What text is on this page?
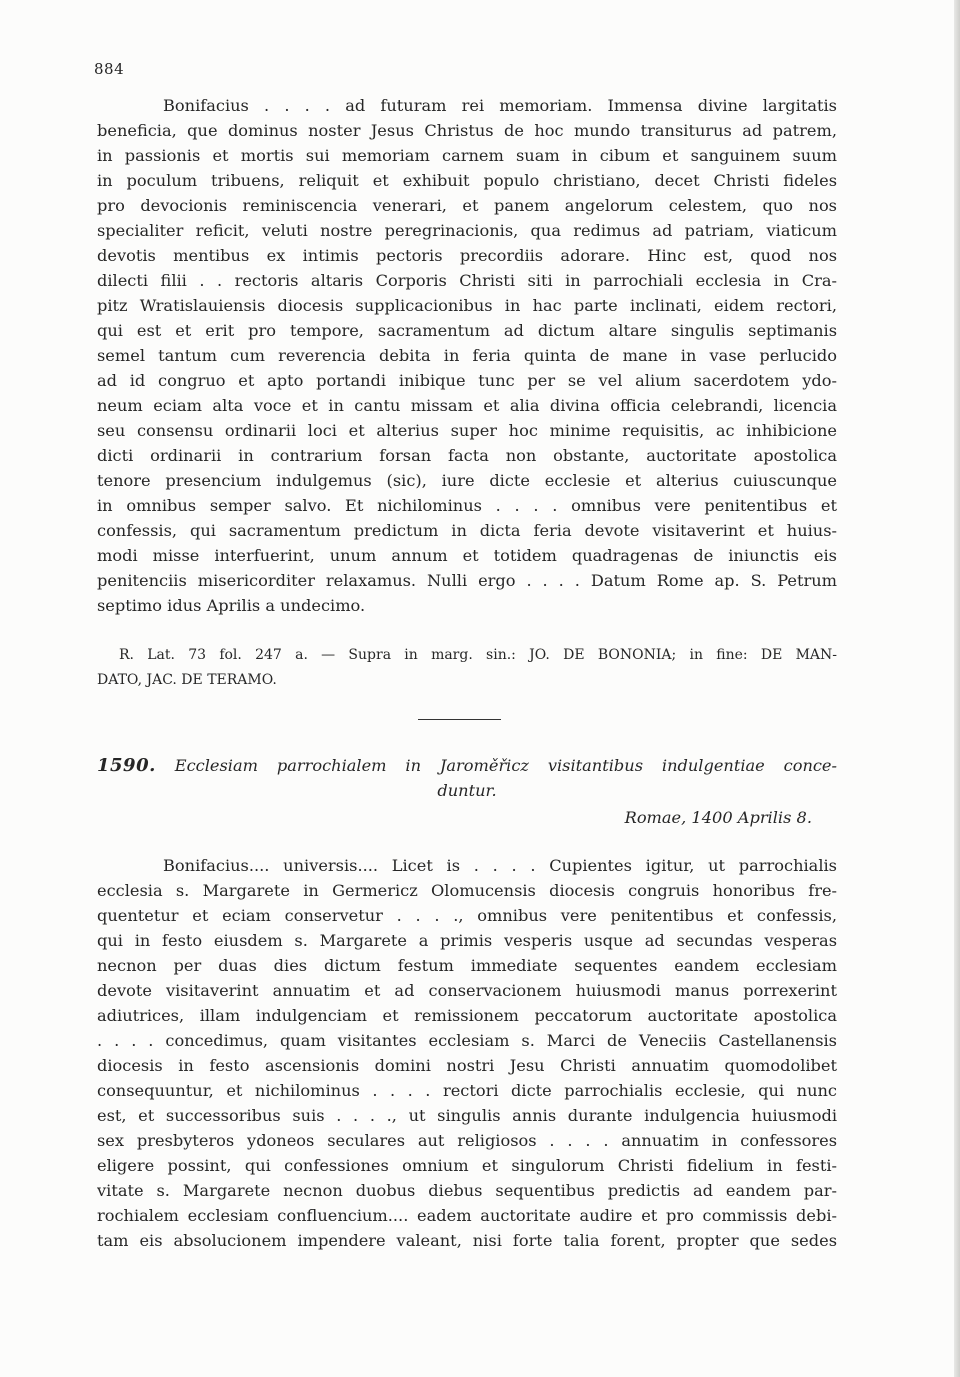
884

Bonifacius . . . . ad futuram rei memoriam. Immensa divine largitatis

beneficia, que dominus noster Jesus Christus de hoc mundo transiturus ad patrem,

in passionis et mortis sui memoriam carnem suam in cibum et sanguinem suum

in poculum tribuens, reliquit et exhibuit populo christiano, decet Christi fideles

pro devocionis reminiscencia venerari, et panem angelorum celestem, quo nos

specialiter reficit, veluti nostre peregrinacionis, qua redimus ad patriam, viaticum

devotis mentibus ex intimis pectoris precordiis adorare. Hinc est, quod nos

dilecti filii . . rectoris altaris Corporis Christi siti in parrochiali ecclesia in Cra-

pitz Wratislauiensis diocesis supplicacionibus in hac parte inclinati, eidem rectori,

qui est et erit pro tempore, sacramentum ad dictum altare singulis septimanis

semel tantum cum reverencia debita in feria quinta de mane in vase perlucido

ad id congruo et apto portandi inibique tunc per se vel alium sacerdotem ydo-

neum eciam alta voce et in cantu missam et alia divina officia celebrandi, licencia

seu consensu ordinarii loci et alterius super hoc minime requisitis, ac inhibicione

dicti ordinarii in contrarium forsan facta non obstante, auctoritate apostolica

tenore presencium indulgemus (sic), iure dicte ecclesie et alterius cuiuscunque

in omnibus semper salvo. Et nichilominus . . . . omnibus vere penitentibus et

confessis, qui sacramentum predictum in dicta feria devote visitaverint et huius-

modi misse interfuerint, unum annum et totidem quadragenas de iniunctis eis

penitenciis misericorditer relaxamus. Nulli ergo . . . . Datum Rome ap. S. Petrum

septimo idus Aprilis a undecimo.

R. Lat. 73 fol. 247 a. — Supra in marg. sin.: JO. DE BONONIA; in fine: DE MAN-

DATO, JAC. DE TERAMO.

1590. Ecclesiam parrochialem in Jaroměřicz visitantibus indulgentiae conce-

duntur.

Romae, 1400 Aprilis 8.

Bonifacius.... universis.... Licet is . . . . Cupientes igitur, ut parrochialis

ecclesia s. Margarete in Germericz Olomucensis diocesis congruis honoribus fre-

quentetur et eciam conservetur . . . ., omnibus vere penitentibus et confessis,

qui in festo eiusdem s. Margarete a primis vesperis usque ad secundas vesperas

necnon per duas dies dictum festum immediate sequentes eandem ecclesiam

devote visitaverint annuatim et ad conservacionem huiusmodi manus porrexerint

adiutrices, illam indulgenciam et remissionem peccatorum auctoritate apostolica

. . . . concedimus, quam visitantes ecclesiam s. Marci de Veneciis Castellanensis

diocesis in festo ascensionis domini nostri Jesu Christi annuatim quomodolibet

consequuntur, et nichilominus . . . . rectori dicte parrochialis ecclesie, qui nunc

est, et successoribus suis . . . ., ut singulis annis durante indulgencia huiusmodi

sex presbyteros ydoneos seculares aut religiosos . . . . annuatim in confessores

eligere possint, qui confessiones omnium et singulorum Christi fidelium in festi-

vitate s. Margarete necnon duobus diebus sequentibus predictis ad eandem par-

rochialem ecclesiam confluencium.... eadem auctoritate audire et pro commissis debi-

tam eis absolucionem impendere valeant, nisi forte talia forent, propter que sedes
